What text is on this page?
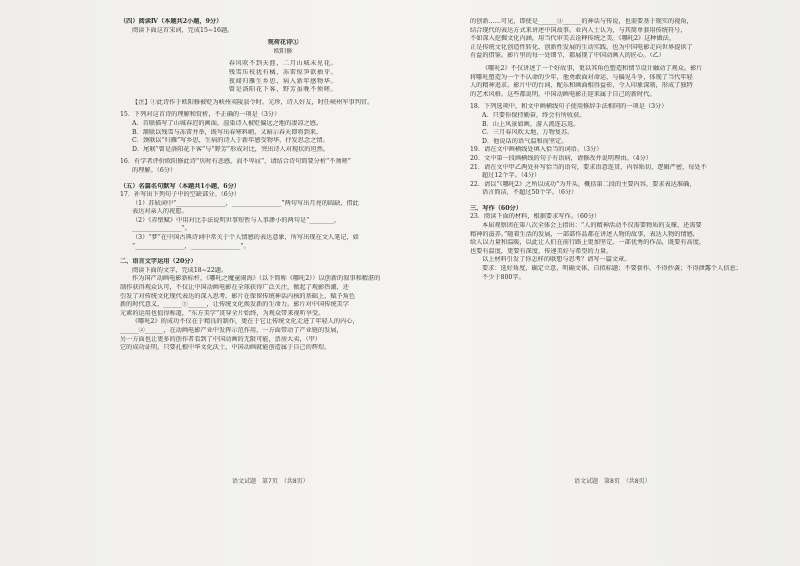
（四）阅读Ⅳ（本题共2小题，9分）

阅读下面这首宋词，完成15~16题。

观荷花诗①

欧阳修

春风吹不到天涯，二月山城未见花。

残雪压枝犹有橘，冻雷惊笋欲抽芽。

夜闻归雁生乡思，病入新年感物华。

曾是洛阳花下客，野芳虽晚不须嗟。

【注】①此诗作于欧阳修被贬为峡州夷陵县令时。元珍，诗人好友，时任峡州军事判官。

15．下列对这首诗的理解和赏析，不正确的一项是（3分）

A．首联描写了山城春迟的画面，渲染诗人被贬偏远之地的凄凉之感。

B．颔联以残雪与冻雷并举，既写出春寒料峭，又暗示春天即将到来。

C．颈联以“归雁”写乡思，生病的诗人于新年感受物华，抒发思念之情。

D．尾联“曾是洛阳花下客”与“野芳”形成对比，突出诗人对现状的坦然。

16．有学者评价欧阳修此诗“负时有悲感，而不卑屈”，请结合诗句简要分析“不须嗟”

的理解。（6分）

（五）名篇名句默写（本题共1小题，6分）

17．补写出下列句子中的空缺部分。（6分）

（1）苏轼词中“________________，________________”两句写出月亮的圆缺，借此

表达对亲人的祝愿。

（2）《赤壁赋》中用对比手法说明世事短暂与人事渺小的两句是“________，

________________”。

（3）“梦”在中国古典诗词中常关于个人情感的表达意象，所写出现在文人笔记，如

“________________，________________”。

二、语言文字运用（20分）

阅读下面的文字，完成18~22题。

作为国产动画电影新标杆，《哪吒之魔童闹海》（以下简称《哪吒2》）以创新的叙事和精湛的

制作获得观众认可，不仅让中国动画电影在全球获得广泛关注，掀起了观影热潮，还

引发了对传统文化现代表达的深入思考。影片在保留传统神话内核的基础上，赋予角色

新的时代意义，______①______，让传统文化焕发新的生命力。影片对中国传统美学

元素的运用也值得称道，“东方美学”贯穿全片始终，为观众带来视听享受。

《哪吒2》的成功不仅在于精良的制作，更在于它让传统文化走进了年轻人的内心，

______②______，在动画电影产业中发挥示范作用，一方面带动了产业链的发展，

另一方面也让更多的创作者看到了中国动画的无限可能，票房大卖，（甲）

它的成功证明，只要扎根中华文化沃土，中国动画就能创造属于自己的辉煌。

语文试题　第7页　（共8页）

的创新……可见，即使是______③______的神话与传说，也需要基于现实的视角，

结合现代的表达方式来讲述中国故事。业内人士认为，与其简单套用传统符号，

不如深入挖掘文化内涵，用当代审美去诠释传统之美。《哪吒2》这种做法，

正是传统文化创造性转化、创新性发展的生动实践，也为中国电影走向世界提供了

有益的借鉴。影片里的每一处细节，都展现了中国动画人的匠心。（乙）

《哪吒2》不仅讲述了一个好故事，更以其角色塑造和情节设计触动了观众。影片

将哪吒塑造为一个不认命的少年，他勇敢面对命运，与偏见斗争，体现了当代年轻

人的精神追求。影片中的台词、配乐和画面相得益彰，令人印象深刻，形成了独特

的艺术风格。这些都说明，中国动画电影正迎来属于自己的新时代。

18．下列选项中，和文中画横线句子使用修辞手法相同的一项是（3分）

A．只要你保持勤奋，终会有所收获。

B．山上风景如画，游人流连忘返。

C．三月春风吹大地，万物复苏。

D．他说话的语气温和而坚定。

19．请在文中画横线处填入恰当的词语。（3分）

20．文中第一段画横线的句子有语病，请修改并说明理由。（4分）

21．请在文中甲乙两处补写恰当的语句，要求语意连贯，内容贴切，逻辑严密，每处不

超过12个字。（4分）

22．请以“《哪吒2》之所以成功”为开头，概括第二段的主要内容，要求表达准确，

语言简洁，不超过50个字。（6分）

三、写作（60分）

23．阅读下面的材料，根据要求写作。（60分）

本届观察团在第八次全体会上指出：“人的精神活动不仅需要物质的支撑，还需要

精神的滋养。”随着生活的发展，一部部作品都在讲述人物的故事，表达人物的情感，

给人以力量和温暖，以此让人们在前行路上更加坚定。一部优秀的作品，既要有高度，

也要有温度，更要有深度，传递美好与希望的力量。

以上材料引发了你怎样的联想与思考？请写一篇文章。

要求：选好角度，确定立意，明确文体，自拟标题；不要套作，不得抄袭；不得泄露个人信息；

不少于800字。

语文试题　第8页　（共8页）
